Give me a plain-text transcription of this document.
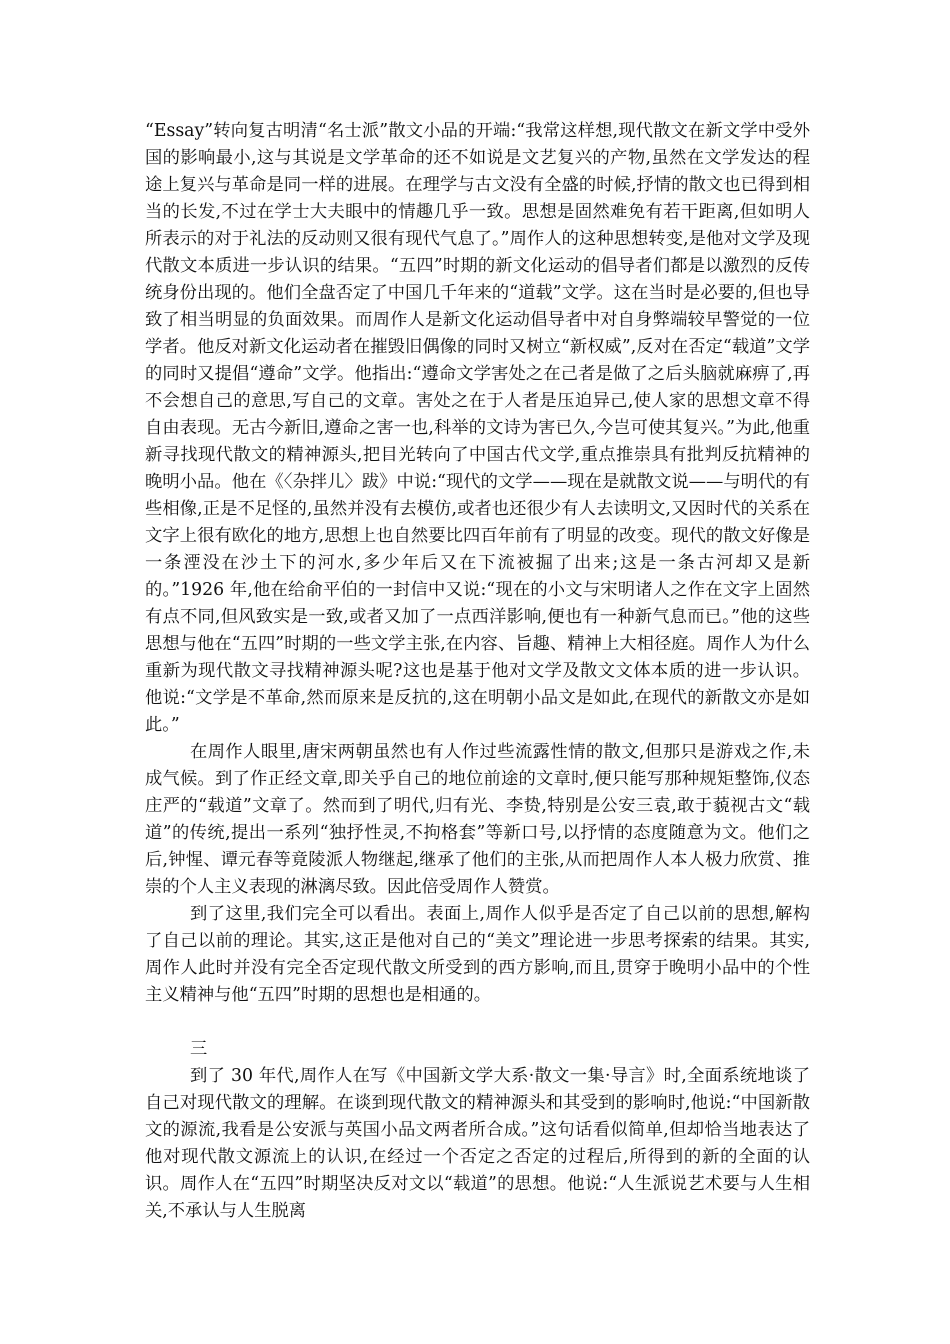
“Essay”转向复古明清“名士派”散文小品的开端:“我常这样想,现代散文在新文学中受外国的影响最小,这与其说是文学革命的还不如说是文艺复兴的产物,虽然在文学发达的程途上复兴与革命是同一样的进展。在理学与古文没有全盛的时候,抒情的散文也已得到相当的长发,不过在学士大夫眼中的情趣几乎一致。思想是固然难免有若干距离,但如明人所表示的对于礼法的反动则又很有现代气息了。”周作人的这种思想转变,是他对文学及现代散文本质进一步认识的结果。“五四”时期的新文化运动的倡导者们都是以激烈的反传统身份出现的。他们全盘否定了中国几千年来的“道载”文学。这在当时是必要的,但也导致了相当明显的负面效果。而周作人是新文化运动倡导者中对自身弊端较早警觉的一位学者。他反对新文化运动者在摧毁旧偶像的同时又树立“新权威”,反对在否定“载道”文学的同时又提倡“遵命”文学。他指出:“遵命文学害处之在己者是做了之后头脑就麻痹了,再不会想自己的意思,写自己的文章。害处之在于人者是压迫异己,使人家的思想文章不得自由表现。无古今新旧,遵命之害一也,科举的文诗为害已久,今岂可使其复兴。”为此,他重新寻找现代散文的精神源头,把目光转向了中国古代文学,重点推崇具有批判反抗精神的晚明小品。他在《〈杂拌儿〉跋》中说:“现代的文学——现在是就散文说——与明代的有些相像,正是不足怪的,虽然并没有去模仿,或者也还很少有人去读明文,又因时代的关系在文字上很有欧化的地方,思想上也自然要比四百年前有了明显的改变。现代的散文好像是一条湮没在沙土下的河水,多少年后又在下流被掘了出来;这是一条古河却又是新的。”1926 年,他在给俞平伯的一封信中又说:“现在的小文与宋明诸人之作在文字上固然有点不同,但风致实是一致,或者又加了一点西洋影响,便也有一种新气息而已。”他的这些思想与他在“五四”时期的一些文学主张,在内容、旨趣、精神上大相径庭。周作人为什么重新为现代散文寻找精神源头呢?这也是基于他对文学及散文文体本质的进一步认识。他说:“文学是不革命,然而原来是反抗的,这在明朝小品文是如此,在现代的新散文亦是如此。”

在周作人眼里,唐宋两朝虽然也有人作过些流露性情的散文,但那只是游戏之作,未成气候。到了作正经文章,即关乎自己的地位前途的文章时,便只能写那种规矩整饰,仪态庄严的“载道”文章了。然而到了明代,归有光、李贽,特别是公安三袁,敢于藐视古文“载道”的传统,提出一系列“独抒性灵,不拘格套”等新口号,以抒情的态度随意为文。他们之后,钟惺、谭元春等竟陵派人物继起,继承了他们的主张,从而把周作人本人极力欣赏、推崇的个人主义表现的淋漓尽致。因此倍受周作人赞赏。

到了这里,我们完全可以看出。表面上,周作人似乎是否定了自己以前的思想,解构了自己以前的理论。其实,这正是他对自己的“美文”理论进一步思考探索的结果。其实,周作人此时并没有完全否定现代散文所受到的西方影响,而且,贯穿于晚明小品中的个性主义精神与他“五四”时期的思想也是相通的。

三

到了 30 年代,周作人在写《中国新文学大系·散文一集·导言》时,全面系统地谈了自己对现代散文的理解。在谈到现代散文的精神源头和其受到的影响时,他说:“中国新散文的源流,我看是公安派与英国小品文两者所合成。”这句话看似简单,但却恰当地表达了他对现代散文源流上的认识,在经过一个否定之否定的过程后,所得到的新的全面的认识。周作人在“五四”时期坚决反对文以“载道”的思想。他说:“人生派说艺术要与人生相关,不承认与人生脱离
